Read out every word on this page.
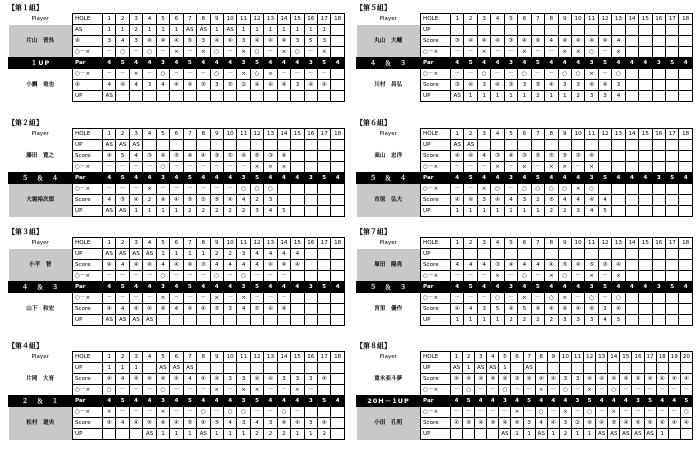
【第１組】
Player	HOLE	1	2	3	4	5	6	7	8	9	10	11	12	13	14	15	16	17	18
片山　晋呉	AS	1	1	2	1	1	1	AS	AS	1	AS	1	1	1	1	1	1	1	
	④	3	4	3	④	④	④	⑤	3	④	④	3	④	④	④	3	5	3	
	○－×	－	○	－	○	－	×	－	×	○	－	×	○	－	×	○	－	×	
１UP	Par	4	5	4	4	3	4	5	4	4	4	3	5	4	4	4	3	5	4
小鯛　竜也	○－×	－	－	×	－	○	－	－	－	○	－	×	○	×	－	－	－	－	
	④	4	④	4	3	4	④	④	⑤	3	⑤	②	④	④	④	3	④	④	
	UP	AS																	
【第２組】
Player	HOLE	1	2	3	4	5	6	7	8	9	10	11	12	13	14	15	16	17	18
藤田　寛之	UP	AS	AS	AS															
	Score	④	5	4	③	④	⑤	④	④	③	⑤	④	⑤	③	④				
	○－×	－	－	－	－	○	－	－	－	－	－	－	×	×	×				
５　＆　４	Par	4	5	4	4	3	4	5	4	4	4	3	5	4	4	4	3	5	4
大堀裕次郎	○－×	－	－	－	×	－	－	－	－	－	－	○	○	○					
	Score	4	⑤	④	2	④	④	⑤	⑤	⑤	④	4	2	3					
	UP	AS	AS	1	1	1	1	2	2	2	2	2	3	4	5				
【第３組】
Player	HOLE	1	2	3	4	5	6	7	8	9	10	11	12	13	14	15	16	17	18
小平　智	UP	AS	AS	AS	AS	1	1	1	1	2	2	3	4	4	4	4			
	Score	④	4	④	④	4	④	④	③	4	4	4	4	④	④	④			
	○－×	－	－	－	－	○	－	－	－	○	－	○	－	－	－				
４　＆　３	Par	4	5	4	4	3	4	5	4	4	4	3	5	4	4	4	3	5	4
山下　和宏	○－×	－	－	－	－	×	－	－	－	×	－	×	－	－	－				
	Score	④	4	④	④	④	4	④	④	⑤	3	4	⑤	④	④				
	UP	AS	AS	AS	AS														
【第４組】
Player	HOLE	1	2	3	4	5	6	7	8	9	10	11	12	13	14	15	16	17	18
片岡　大育	UP	1	1	1		AS	AS	AS											
	Score	④	4	④	④	④	④	4	④	④	3	3	④	④	3	3	3	④	
	○－×	○	－	－	－	○	－	－	－	×	－	×	×	－	－	×	－		
２　＆　１	Par	4	5	4	4	3	4	5	4	4	4	3	5	4	4	4	3	5	4
松村　道央	○－×	×	－	－	－	×	－	－	○	－	○	○	－	－	○	－			
	Score	④	4	④	④	④	④	⑤	④	⑤	4	3	4	3	④	④	3	④	
	UP				AS	1	1	1	AS	1	1	1	2	2	2	1	1	2	
【第５組】
Player	HOLE	1	2	3	4	5	6	7	8	9	10	11	12	13	14	15	16	17	18
丸山　大輔	UP																		
	Score	③	④	④	④	③	④	⑥	4	④	④	④	④	4					
	○－×	－	－	×	－	－	×	－	－	×	×	○	－	×					
４　＆　３	Par	4	5	4	4	3	4	5	4	4	4	3	5	4	4	4	3	5	4
川村　昌弘	○－×	－	－	○	－	－	○	－	－	○	○	×	－	○					
	Score	③	④	3	④	③	3	⑤	④	3	3	④	④	3					
	UP	AS	1	1	1	1	1	2	1	1	2	3	3	4					
【第６組】
Player	HOLE	1	2	3	4	5	6	7	8	9	10	11	12	13	14	15	16	17	18
高山　忠洋	UP	AS	AS																
	Score	④	④	4	③	④	③	⑤	⑤	⑤	③	⑥							
	○－×	－	－	－	×	－	×	－	×	×	－	×							
５　＆　４	Par	4	5	4	4	3	4	5	4	4	4	3	5	4	4	4	3	5	4
市原　弘大	○－×	－	－	×	○	－	○	○	○	○	×	○							
	Score	④	④	3	④	4	3	2	⑤	4	4	④	4						
	UP	1	1	1	1	1	1	1	2	2	3	4	5						
【第７組】
Player	HOLE	1	2	3	4	5	6	7	8	9	10	11	12	13	14	15	16	17	18
塚田　陽亮	UP																		
	Score	4	4	4	③	④	4	4	④	⑤	④	⑤	③	④					
	○－×	－	－	－	×	－	○	－	×	○	－	×	－	×					
５　＆　３	Par	4	5	4	4	3	4	5	4	4	4	3	5	4	4	4	3	5	4
宮里　優作	○－×	－	－	－	○	－	×	－	○	×	－	○	－	○					
	Score	④	4	3	5	④	5	④	④	④	④	④	3	④					
	UP	1	1	1	1	2	2	2	2	3	3	3	4	5					
【第８組】
Player	HOLE	1	2	3	4	5	6	7	8	9	10	11	12	13	14	15	16	17	18	19	20
重永亜斗夢	UP	AS	1	AS	AS	1		AS													
	Score	④	④	④	④	④	③	④	④	④	3	3	④	④	④	④	④	④	④	④	④
	○－×	－	○	－	－	○	－	－	×	－	○	－	×	－	○	－	－	－	－	－	－
20H－1UP	Par	4	5	4	4	3	4	5	4	4	4	3	5	4	4	4	3	5	4	4	5
小田　孔明	○－×	－	－	－	－	－	×	－	○	－	×	－	○	－	×	－	－	－	－	－	○
	Score	④	④	④	④	④	④	3	4	④	3	②	④	④	⑤	④	④	④	④	④	④
	UP					AS	1	1	AS	1	2	1	1	AS	AS	AS	AS	AS	1		
